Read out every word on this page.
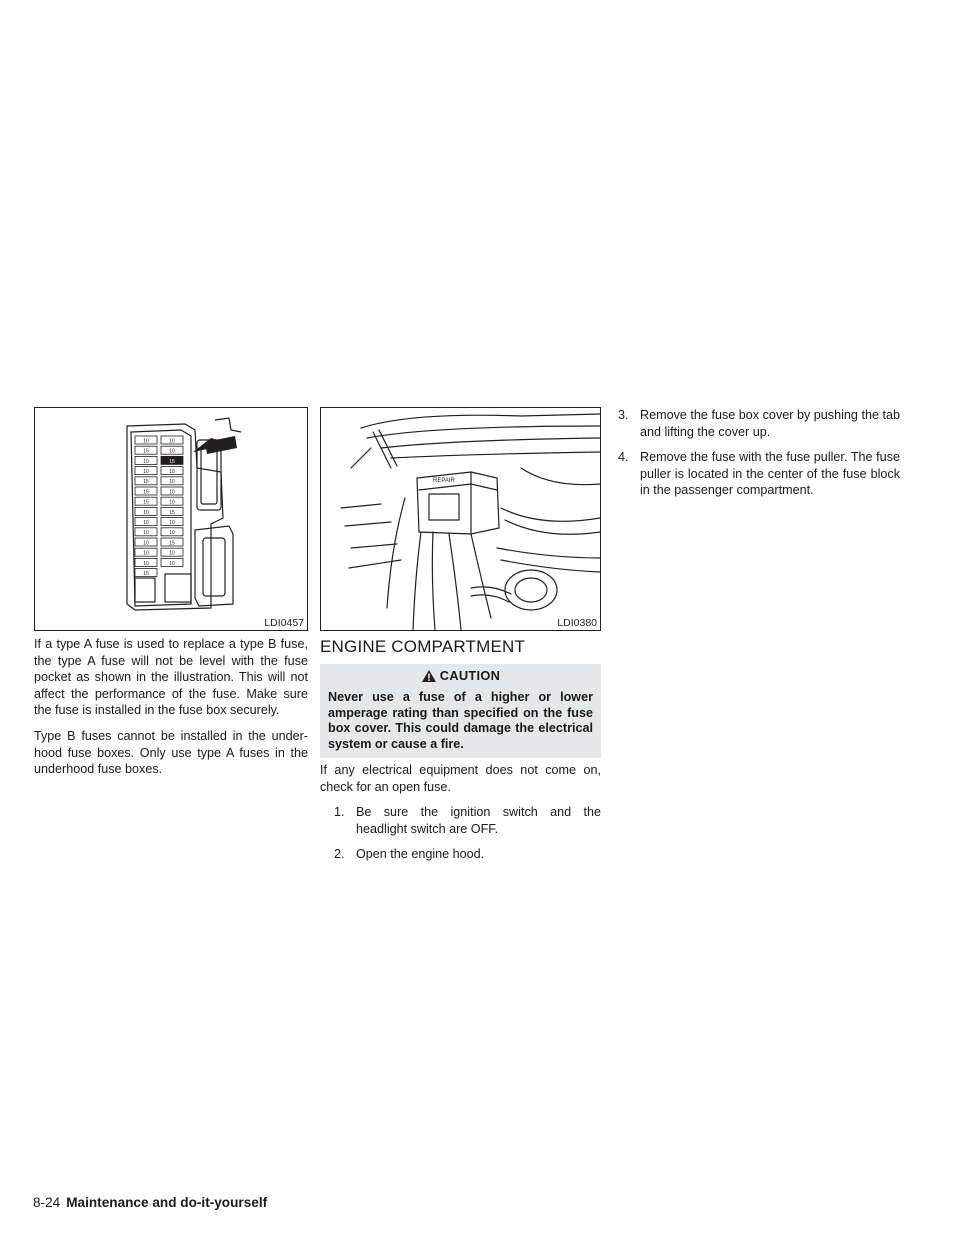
10	10
15	10
10	15
10	10
15	10
15	10
15	10
10	15
10	10
10	10
10	15
10	10
10	10
15
LDI0457
REPAIR
LDI0380

If a type A fuse is used to replace a type B fuse, the type A fuse will not be level with the fuse pocket as shown in the illustration. This will not affect the performance of the fuse. Make sure the fuse is installed in the fuse box securely.

Type B fuses cannot be installed in the under-hood fuse boxes. Only use type A fuses in the underhood fuse boxes.

ENGINE COMPARTMENT
CAUTION
Never use a fuse of a higher or lower amperage rating than specified on the fuse box cover. This could damage the electrical system or cause a fire.

If any electrical equipment does not come on, check for an open fuse.

1. Be sure the ignition switch and the headlight switch are OFF.
2. Open the engine hood.
3. Remove the fuse box cover by pushing the tab and lifting the cover up.
4. Remove the fuse with the fuse puller. The fuse puller is located in the center of the fuse block in the passenger compartment.
8-24 Maintenance and do-it-yourself
